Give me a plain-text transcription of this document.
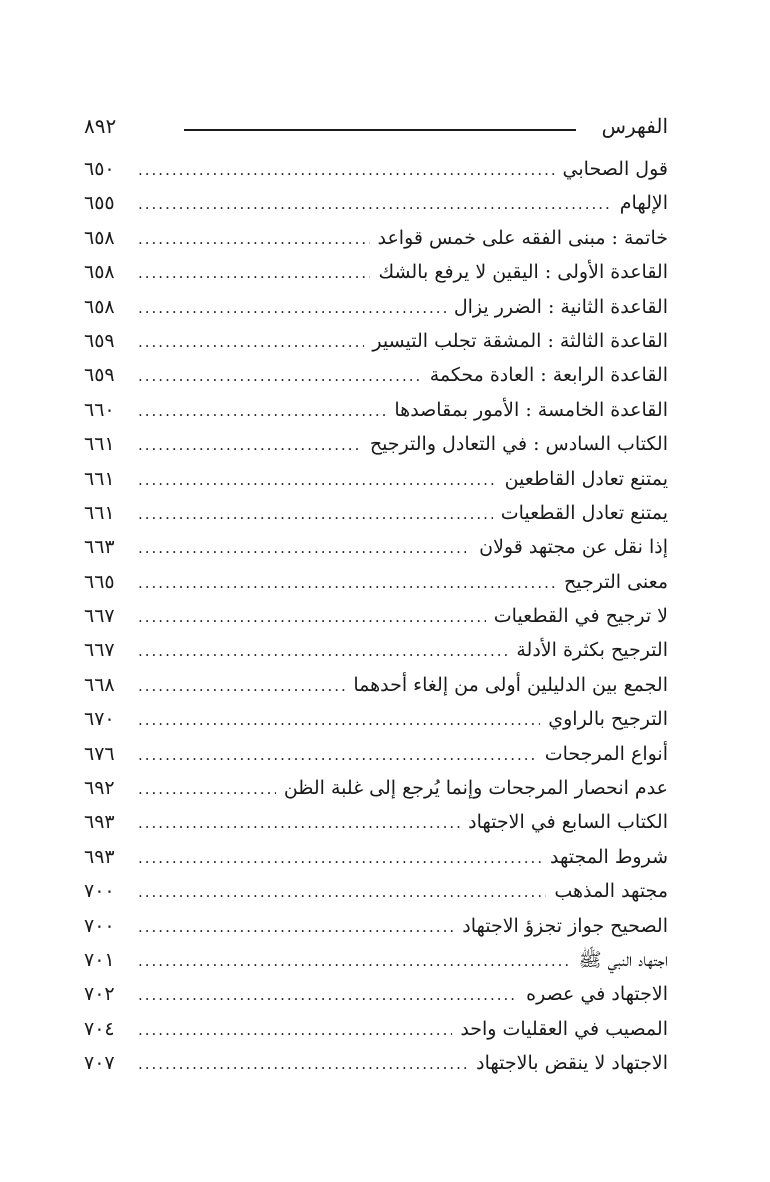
الفهرس
٨٩٢
قول الصحابي
.....
٦٥٠
الإلهام
.....
٦٥٥
خاتمة : مبنى الفقه على خمس قواعد
.....
٦٥٨
القاعدة الأولى : اليقين لا يرفع بالشك
.....
٦٥٨
القاعدة الثانية : الضرر يزال
.....
٦٥٨
القاعدة الثالثة : المشقة تجلب التيسير
.....
٦٥٩
القاعدة الرابعة : العادة محكمة
.....
٦٥٩
القاعدة الخامسة : الأمور بمقاصدها
.....
٦٦٠
الكتاب السادس : في التعادل والترجيح
.....
٦٦١
يمتنع تعادل القاطعين
.....
٦٦١
يمتنع تعادل القطعيات
.....
٦٦١
إذا نقل عن مجتهد قولان
.....
٦٦٣
معنى الترجيح
.....
٦٦٥
لا ترجيح في القطعيات
.....
٦٦٧
الترجيح بكثرة الأدلة
.....
٦٦٧
الجمع بين الدليلين أولى من إلغاء أحدهما
.....
٦٦٨
الترجيح بالراوي
.....
٦٧٠
أنواع المرجحات
.....
٦٧٦
عدم انحصار المرجحات وإنما يُرجع إلى غلبة الظن
.....
٦٩٢
الكتاب السابع في الاجتهاد
.....
٦٩٣
شروط المجتهد
.....
٦٩٣
مجتهد المذهب
.....
٧٠٠
الصحيح جواز تجزؤ الاجتهاد
.....
٧٠٠
اجتهاد النبي ﷺ
.....
٧٠١
الاجتهاد في عصره
.....
٧٠٢
المصيب في العقليات واحد
.....
٧٠٤
الاجتهاد لا ينقض بالاجتهاد
.....
٧٠٧
